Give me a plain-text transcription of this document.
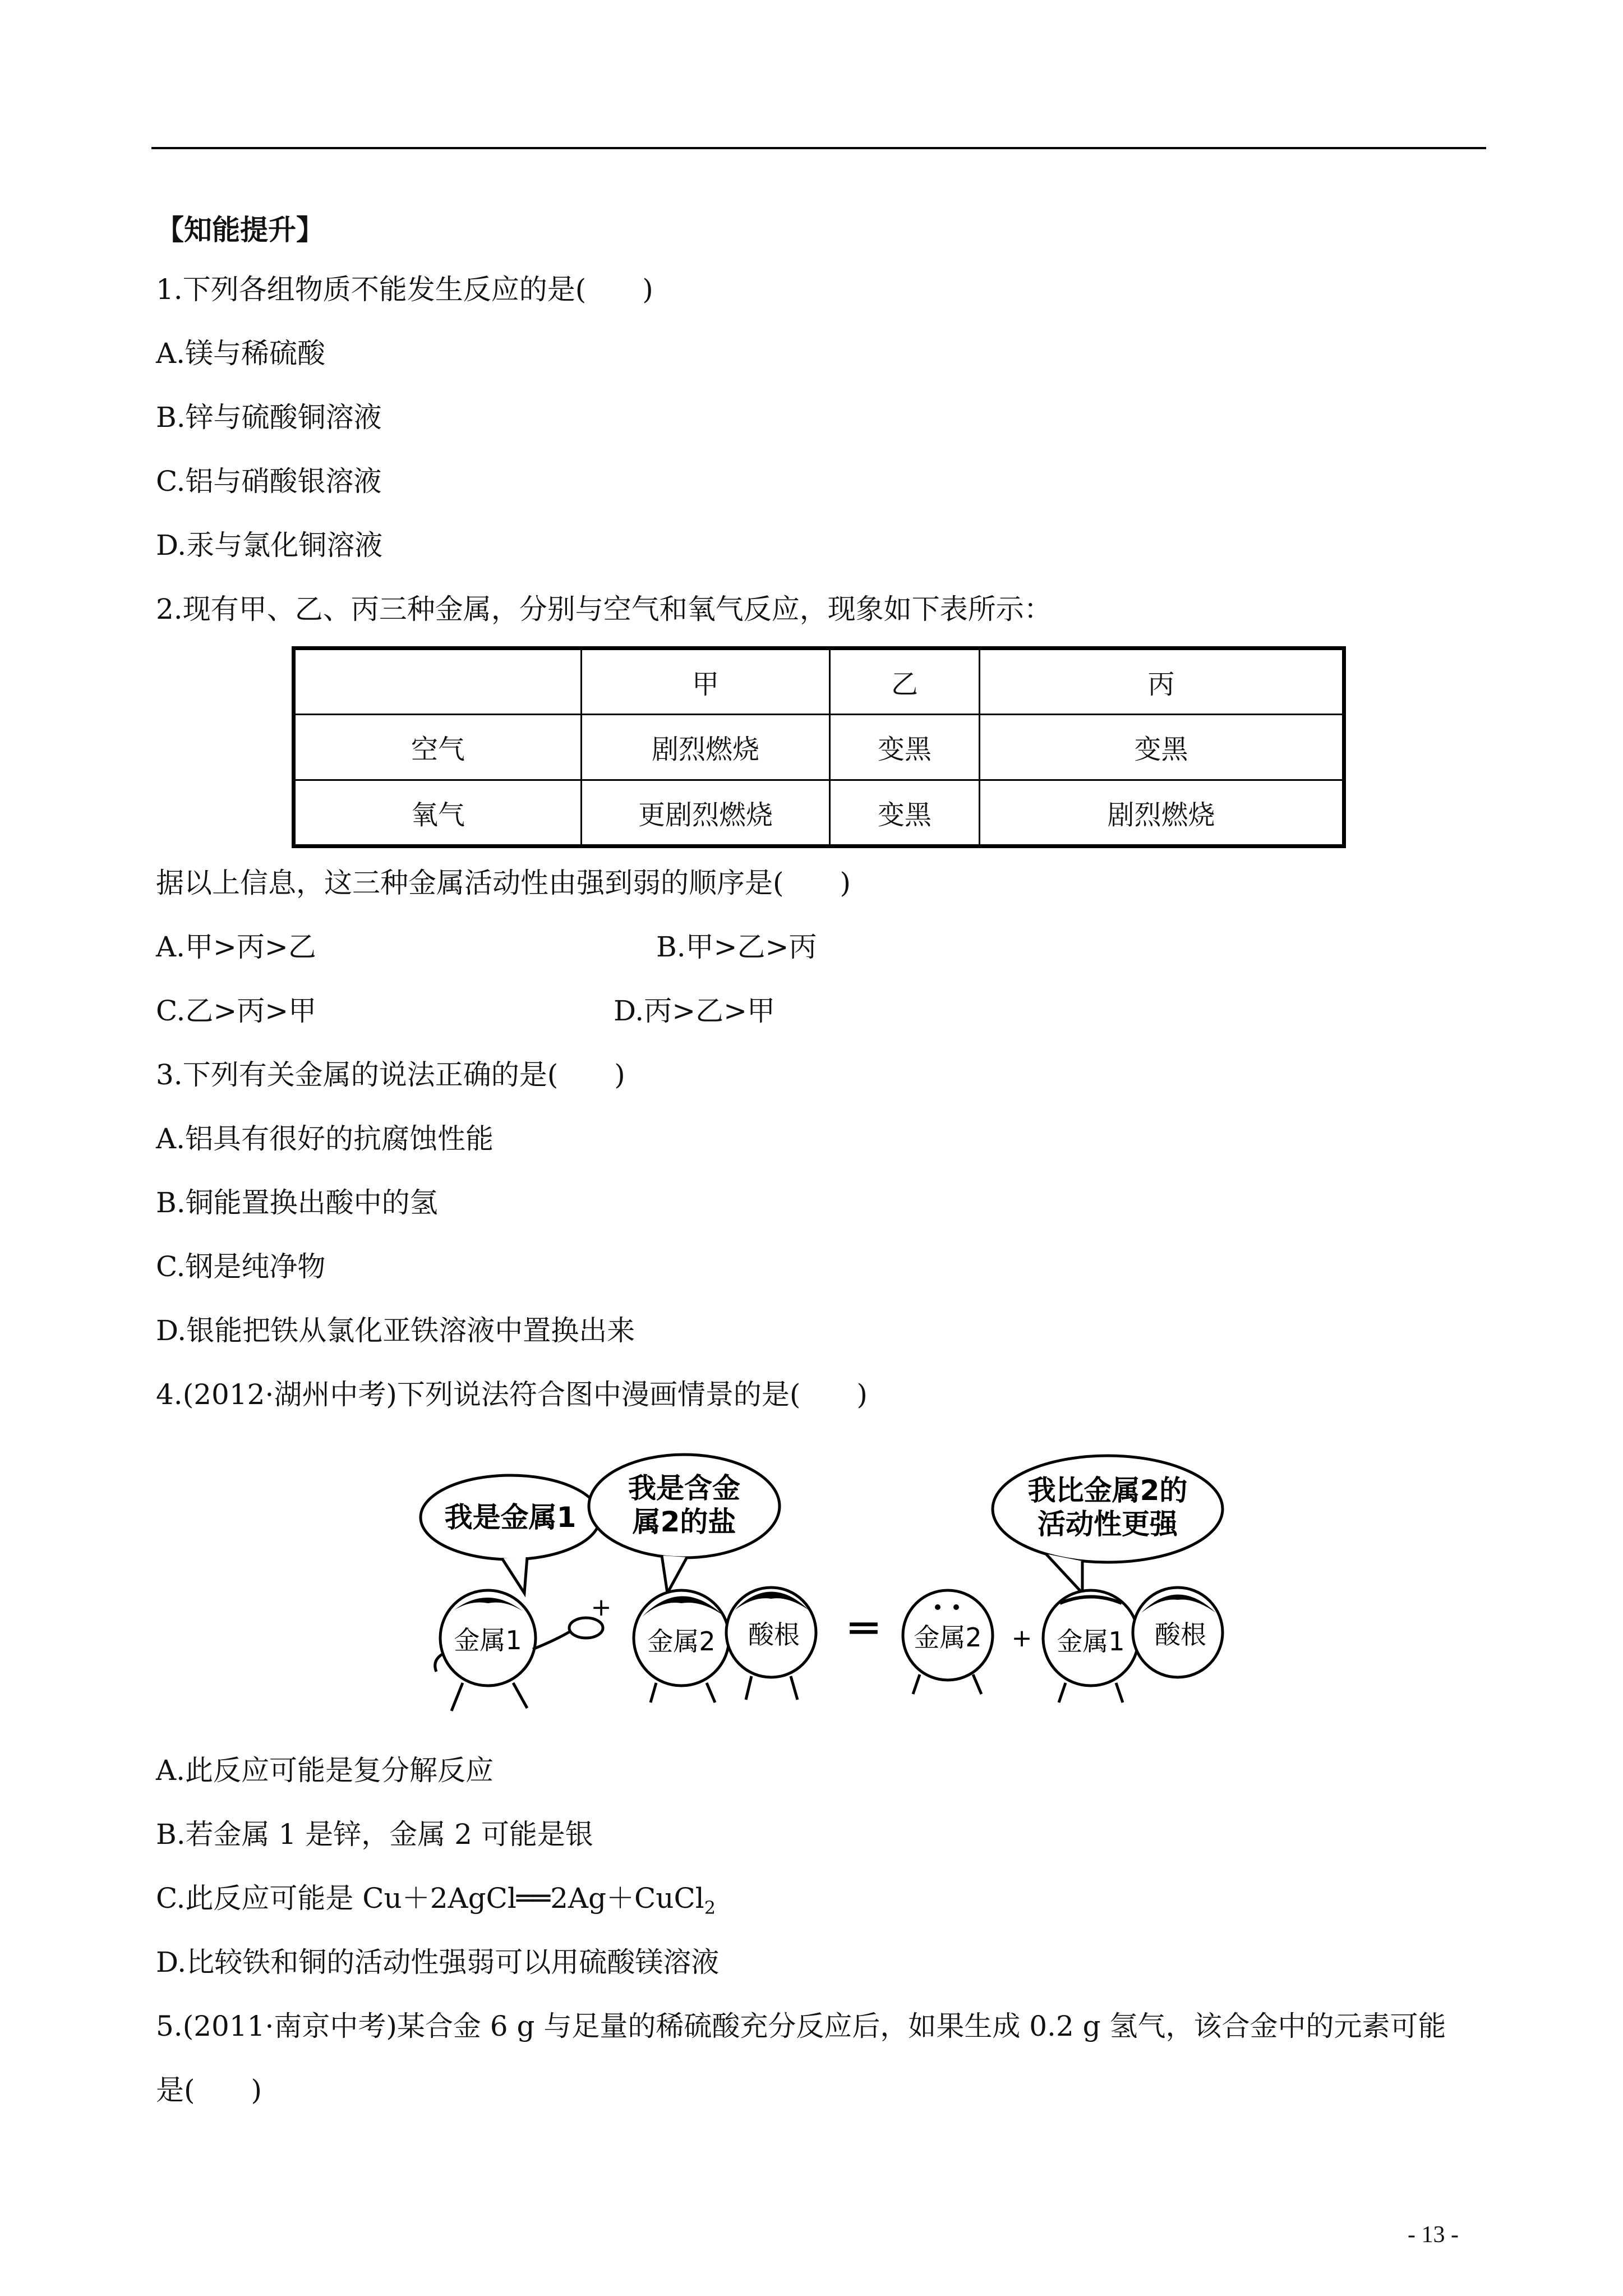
【知能提升】
1.下列各组物质不能发生反应的是(　　)
A.镁与稀硫酸
B.锌与硫酸铜溶液
C.铝与硝酸银溶液
D.汞与氯化铜溶液
2.现有甲、乙、丙三种金属，分别与空气和氧气反应，现象如下表所示：
	甲	乙	丙
空气	剧烈燃烧	变黑	变黑
氧气	更剧烈燃烧	变黑	剧烈燃烧
据以上信息，这三种金属活动性由强到弱的顺序是(　　)
A.甲>丙>乙	B.甲>乙>丙
C.乙>丙>甲	D.丙>乙>甲
3.下列有关金属的说法正确的是(　　)
A.铝具有很好的抗腐蚀性能
B.铜能置换出酸中的氢
C.钢是纯净物
D.银能把铁从氯化亚铁溶液中置换出来
4.(2012·湖州中考)下列说法符合图中漫画情景的是(　　)
我是金属1
我是含金
属2的盐
我比金属2的
活动性更强
金属1
+
金属2 酸根 ═ 金属2 + 金属1 酸根
A.此反应可能是复分解反应
B.若金属 1 是锌，金属 2 可能是银
C.此反应可能是 Cu＋2AgCl══2Ag＋CuCl$_2$
D.比较铁和铜的活动性强弱可以用硫酸镁溶液
5.(2011·南京中考)某合金 6 g 与足量的稀硫酸充分反应后，如果生成 0.2 g 氢气，该合金中的元素可能
是(　　)
- 13 -
